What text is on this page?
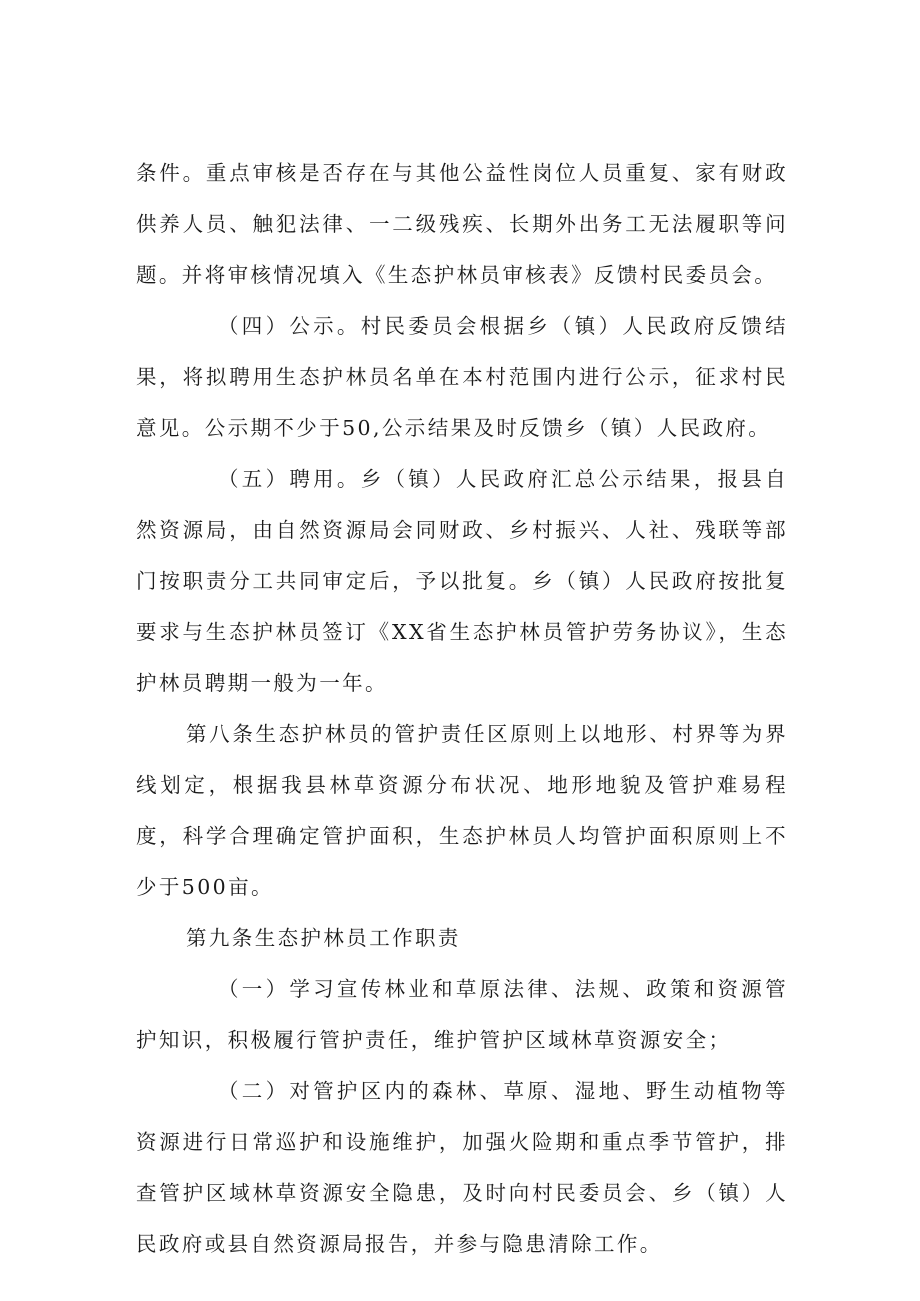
条件。重点审核是否存在与其他公益性岗位人员重复、家有财政供养人员、触犯法律、一二级残疾、长期外出务工无法履职等问题。并将审核情况填入《生态护林员审核表》反馈村民委员会。

（四）公示。村民委员会根据乡（镇）人民政府反馈结果，将拟聘用生态护林员名单在本村范围内进行公示，征求村民意见。公示期不少于50,公示结果及时反馈乡（镇）人民政府。

（五）聘用。乡（镇）人民政府汇总公示结果，报县自然资源局，由自然资源局会同财政、乡村振兴、人社、残联等部门按职责分工共同审定后，予以批复。乡（镇）人民政府按批复要求与生态护林员签订《XX省生态护林员管护劳务协议》，生态护林员聘期一般为一年。

第八条生态护林员的管护责任区原则上以地形、村界等为界线划定，根据我县林草资源分布状况、地形地貌及管护难易程度，科学合理确定管护面积，生态护林员人均管护面积原则上不少于500亩。

第九条生态护林员工作职责

（一）学习宣传林业和草原法律、法规、政策和资源管护知识，积极履行管护责任，维护管护区域林草资源安全；

（二）对管护区内的森林、草原、湿地、野生动植物等资源进行日常巡护和设施维护，加强火险期和重点季节管护，排查管护区域林草资源安全隐患，及时向村民委员会、乡（镇）人民政府或县自然资源局报告，并参与隐患清除工作。
